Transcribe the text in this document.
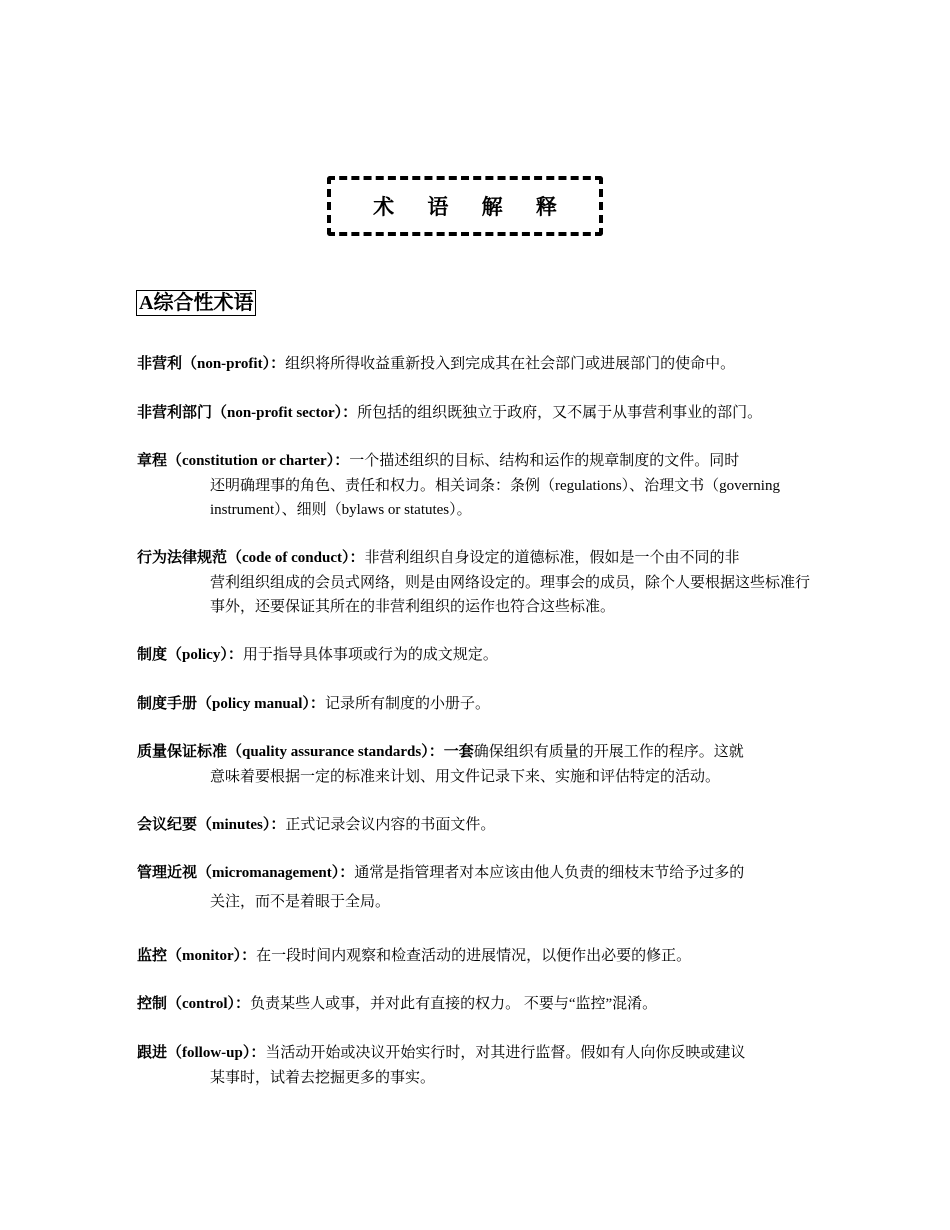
术 语 解 释
A综合性术语

非营利（non-profit）：组织将所得收益重新投入到完成其在社会部门或进展部门的使命中。

非营利部门（non-profit sector）：所包括的组织既独立于政府，又不属于从事营利事业的部门。

章程（constitution or charter）：一个描述组织的目标、结构和运作的规章制度的文件。同时
还明确理事的角色、责任和权力。相关词条：条例（regulations）、治理文书（governing instrument）、细则（bylaws or statutes）。

行为法律规范（code of conduct）：非营利组织自身设定的道德标准，假如是一个由不同的非
营利组织组成的会员式网络，则是由网络设定的。理事会的成员，除个人要根据这些标准行事外，还要保证其所在的非营利组织的运作也符合这些标准。

制度（policy）：用于指导具体事项或行为的成文规定。

制度手册（policy manual）：记录所有制度的小册子。

质量保证标准（quality assurance standards）：一套确保组织有质量的开展工作的程序。这就
意味着要根据一定的标准来计划、用文件记录下来、实施和评估特定的活动。

会议纪要（minutes）：正式记录会议内容的书面文件。

管理近视（micromanagement）：通常是指管理者对本应该由他人负责的细枝末节给予过多的
关注，而不是着眼于全局。

监控（monitor）：在一段时间内观察和检查活动的进展情况，以便作出必要的修正。

控制（control）：负责某些人或事，并对此有直接的权力。 不要与“监控”混淆。

跟进（follow-up）：当活动开始或决议开始实行时，对其进行监督。假如有人向你反映或建议
某事时，试着去挖掘更多的事实。
